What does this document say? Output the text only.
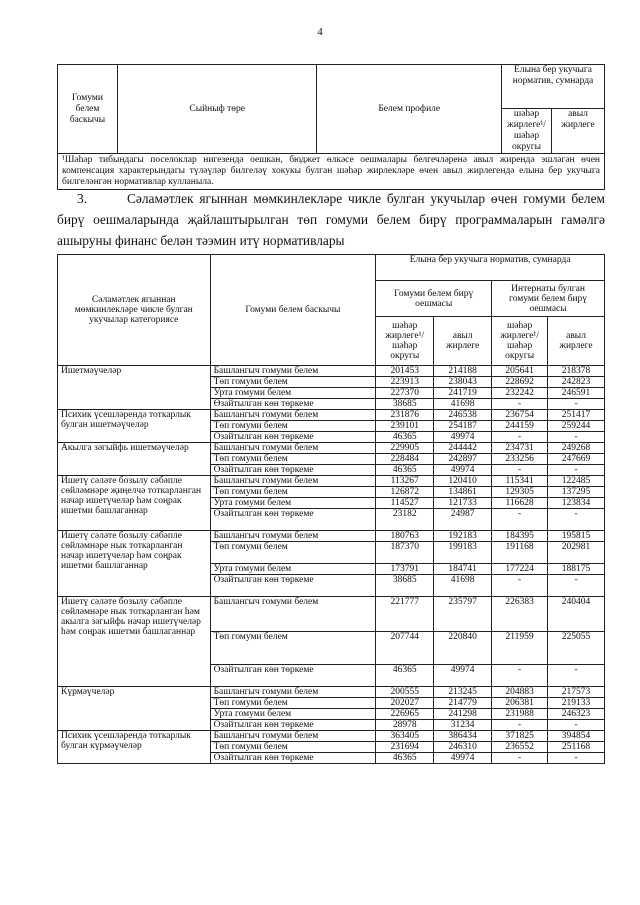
4
Гомуми белем баскычы	Сыйныф төре	Белем профиле	Елына бер укучыга норматив, сумнарда	
			шәһәр жирлеге¹/ шәһәр округы	авыл жирлеге
¹Шәһәр тибындагы поселоклар нигезендә оешкан, бюджет өлкәсе оешмалары белгечләренә авыл жирендә эшләгән өчен компенсация характерындагы түләүләр билгеләү хокукы булган шәһәр жирлекләре өчен авыл жирлегендә елына бер укучыга билгеләнгән нормативлар кулланыла.				
3.	Сәламәтлек ягыннан мөмкинлекләре чикле булган укучылар өчен гомуми белем бирү оешмаларында җайлаштырылган төп гомуми белем бирү программаларын гамәлгә ашыруны финанс белән тәэмин итү нормативлары
Сәламәтлек ягыннан мөмкинлекләре чикле булган укучылар категориясе	Гомуми белем баскычы	Елына бер укучыга норматив, сумнарда			
		Гомуми белем бирү оешмасы		Интернаты булган гомуми белем бирү оешмасы	
		шәһәр жирлеге¹/ шәһәр округы	авыл жирлеге	шәһәр жирлеге¹/ шәһәр округы	авыл жирлеге
Ишетмәүчеләр	Башлангыч гомуми белем	201453	214188	205641	218378
	Төп гомуми белем	223913	238043	228692	242823
	Урта гомуми белем	227370	241719	232242	246591
	Өзайтылган көн төркеме	38685	41698	-	-
Психик үсешләрендә тоткарлык булган ишетмәүчеләр	Башлангыч гомуми белем	231876	246538	236754	251417
	Төп гомуми белем	239101	254187	244159	259244
	Озайтылган көн төркеме	46365	49974	-	-
Акылга зәгыйфь ишетмәүчеләр	Башлангыч гомуми белем	229905	244442	234731	249268
	Төп гомуми белем	228484	242897	233256	247669
	Озайтылган көн төркеме	46365	49974	-	-
Ишетү сәләте бозылу сәбәпле сөйләмнәре җиңелчә тоткарланган начар ишетүчеләр һәм соңрак ишетми башлаганнар	Башлангыч гомуми белем	113267	120410	115341	122485
	Төп гомуми белем	126872	134861	129305	137295
	Урта гомуми белем	114527	121733	116628	123834
	Озайтылган көн төркеме	23182	24987	-	-
Ишетү сәләте бозылу сәбәпле сөйләмнәре нык тоткарланган начар ишетүчеләр һәм соңрак ишетми башлаганнар	Башлангыч гомуми белем	180763	192183	184395	195815
	Төп гомуми белем	187370	199183	191168	202981
	Урта гомуми белем	173791	184741	177224	188175
	Озайтылган көн төркеме	38685	41698	-	-
Ишетү сәләте бозылу сәбәпле сөйләмнәре нык тоткарланган һәм акылга зәгыйфь начар ишетүчеләр һәм соңрак ишетми башлаганнар	Башлангыч гомуми белем	221777	235797	226383	240404
	Төп гомуми белем	207744	220840	211959	225055
	Озайтылган көн төркеме	46365	49974	-	-
Күрмәүчеләр	Башлангыч гомуми белем	200555	213245	204883	217573
	Төп гомуми белем	202027	214779	206381	219133
	Урта гомуми белем	226965	241298	231988	246323
	Озайтылган көн төркеме	28978	31234	-	-
Психик үсешләрендә тоткарлык булган күрмәүчеләр	Башлангыч гомуми белем	363405	386434	371825	394854
	Төп гомуми белем	231694	246310	236552	251168
	Озайтылган көн төркеме	46365	49974	-	-
